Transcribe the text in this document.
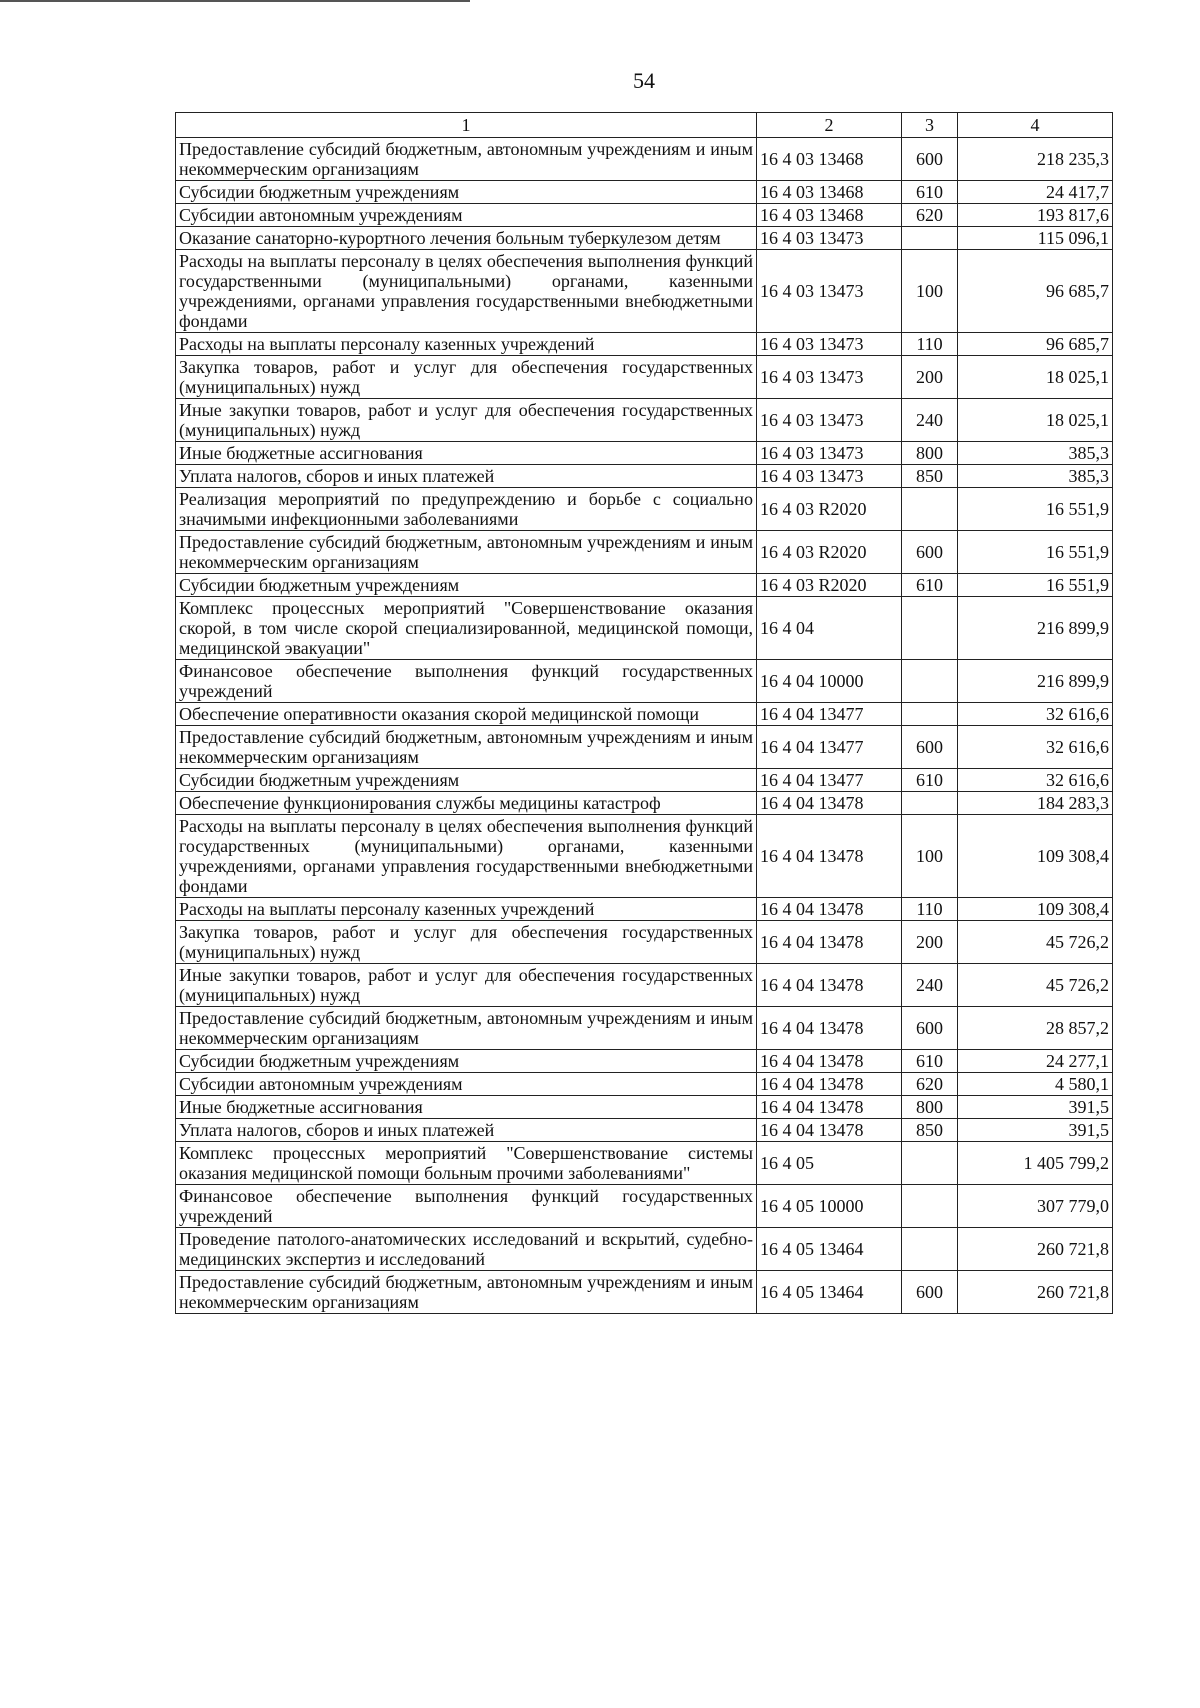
54
1	2	3	4
Предоставление субсидий бюджетным, автономным учреждениям и иным некоммерческим организациям	16 4 03 13468	600	218 235,3
Субсидии бюджетным учреждениям	16 4 03 13468	610	24 417,7
Субсидии автономным учреждениям	16 4 03 13468	620	193 817,6
Оказание санаторно-курортного лечения больным туберкулезом детям	16 4 03 13473		115 096,1
Расходы на выплаты персоналу в целях обеспечения выполнения функций государственными (муниципальными) органами, казенными учреждениями, органами управления государственными внебюджетными фондами	16 4 03 13473	100	96 685,7
Расходы на выплаты персоналу казенных учреждений	16 4 03 13473	110	96 685,7
Закупка товаров, работ и услуг для обеспечения государственных (муниципальных) нужд	16 4 03 13473	200	18 025,1
Иные закупки товаров, работ и услуг для обеспечения государственных (муниципальных) нужд	16 4 03 13473	240	18 025,1
Иные бюджетные ассигнования	16 4 03 13473	800	385,3
Уплата налогов, сборов и иных платежей	16 4 03 13473	850	385,3
Реализация мероприятий по предупреждению и борьбе с социально значимыми инфекционными заболеваниями	16 4 03 R2020		16 551,9
Предоставление субсидий бюджетным, автономным учреждениям и иным некоммерческим организациям	16 4 03 R2020	600	16 551,9
Субсидии бюджетным учреждениям	16 4 03 R2020	610	16 551,9
Комплекс процессных мероприятий "Совершенствование оказания скорой, в том числе скорой специализированной, медицинской помощи, медицинской эвакуации"	16 4 04		216 899,9
Финансовое обеспечение выполнения функций государственных учреждений	16 4 04 10000		216 899,9
Обеспечение оперативности оказания скорой медицинской помощи	16 4 04 13477		32 616,6
Предоставление субсидий бюджетным, автономным учреждениям и иным некоммерческим организациям	16 4 04 13477	600	32 616,6
Субсидии бюджетным учреждениям	16 4 04 13477	610	32 616,6
Обеспечение функционирования службы медицины катастроф	16 4 04 13478		184 283,3
Расходы на выплаты персоналу в целях обеспечения выполнения функций государственных (муниципальными) органами, казенными учреждениями, органами управления государственными внебюджетными фондами	16 4 04 13478	100	109 308,4
Расходы на выплаты персоналу казенных учреждений	16 4 04 13478	110	109 308,4
Закупка товаров, работ и услуг для обеспечения государственных (муниципальных) нужд	16 4 04 13478	200	45 726,2
Иные закупки товаров, работ и услуг для обеспечения государственных (муниципальных) нужд	16 4 04 13478	240	45 726,2
Предоставление субсидий бюджетным, автономным учреждениям и иным некоммерческим организациям	16 4 04 13478	600	28 857,2
Субсидии бюджетным учреждениям	16 4 04 13478	610	24 277,1
Субсидии автономным учреждениям	16 4 04 13478	620	4 580,1
Иные бюджетные ассигнования	16 4 04 13478	800	391,5
Уплата налогов, сборов и иных платежей	16 4 04 13478	850	391,5
Комплекс процессных мероприятий "Совершенствование системы оказания медицинской помощи больным прочими заболеваниями"	16 4 05		1 405 799,2
Финансовое обеспечение выполнения функций государственных учреждений	16 4 05 10000		307 779,0
Проведение патолого-анатомических исследований и вскрытий, судебно-медицинских экспертиз и исследований	16 4 05 13464		260 721,8
Предоставление субсидий бюджетным, автономным учреждениям и иным некоммерческим организациям	16 4 05 13464	600	260 721,8
